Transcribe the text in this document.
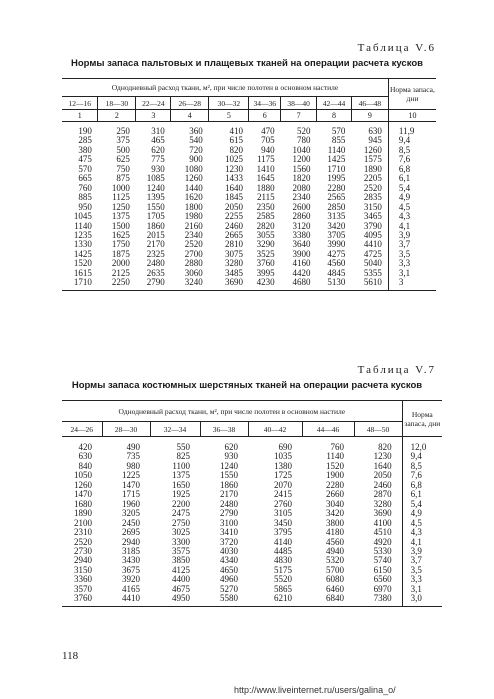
Таблица V.6
Нормы запаса пальтовых и плащевых тканей на операции расчета кусков
Однодневный расход ткани, м², при числе полотен в основном настиле									Норма запаса, дни
12—16	18—30	22—24	26—28	30—32	34—36	38—40	42—44	46—48	
1	2	3	4	5	6	7	8	9	10
190	250	310	360	410	470	520	570	630	11,9
285	375	465	540	615	705	780	855	945	9,4
380	500	620	720	820	940	1040	1140	1260	8,5
475	625	775	900	1025	1175	1200	1425	1575	7,6
570	750	930	1080	1230	1410	1560	1710	1890	6,8
665	875	1085	1260	1433	1645	1820	1995	2205	6,1
760	1000	1240	1440	1640	1880	2080	2280	2520	5,4
885	1125	1395	1620	1845	2115	2340	2565	2835	4,9
950	1250	1550	1800	2050	2350	2600	2850	3150	4,5
1045	1375	1705	1980	2255	2585	2860	3135	3465	4,3
1140	1500	1860	2160	2460	2820	3120	3420	3790	4,1
1235	1625	2015	2340	2665	3055	3380	3705	4095	3,9
1330	1750	2170	2520	2810	3290	3640	3990	4410	3,7
1425	1875	2325	2700	3075	3525	3900	4275	4725	3,5
1520	2000	2480	2880	3280	3760	4160	4560	5040	3,3
1615	2125	2635	3060	3485	3995	4420	4845	5355	3,1
1710	2250	2790	3240	3690	4230	4680	5130	5610	3
Таблица V.7
Нормы запаса костюмных шерстяных тканей на операции расчета кусков
Однодневный расход ткани, м², при числе полотен в основном настиле							Норма запаса, дни
24—26	28—30	32—34	36—38	40—42	44—46	48—50	
420	490	550	620	690	760	820	12,0
630	735	825	930	1035	1140	1230	9,4
840	980	1100	1240	1380	1520	1640	8,5
1050	1225	1375	1550	1725	1900	2050	7,6
1260	1470	1650	1860	2070	2280	2460	6,8
1470	1715	1925	2170	2415	2660	2870	6,1
1680	1960	2200	2480	2760	3040	3280	5,4
1890	3205	2475	2790	3105	3420	3690	4,9
2100	2450	2750	3100	3450	3800	4100	4,5
2310	2695	3025	3410	3795	4180	4510	4,3
2520	2940	3300	3720	4140	4560	4920	4,1
2730	3185	3575	4030	4485	4940	5330	3,9
2940	3430	3850	4340	4830	5320	5740	3,7
3150	3675	4125	4650	5175	5700	6150	3,5
3360	3920	4400	4960	5520	6080	6560	3,3
3570	4165	4675	5270	5865	6460	6970	3,1
3760	4410	4950	5580	6210	6840	7380	3,0
118
http://www.liveinternet.ru/users/galina_o/
